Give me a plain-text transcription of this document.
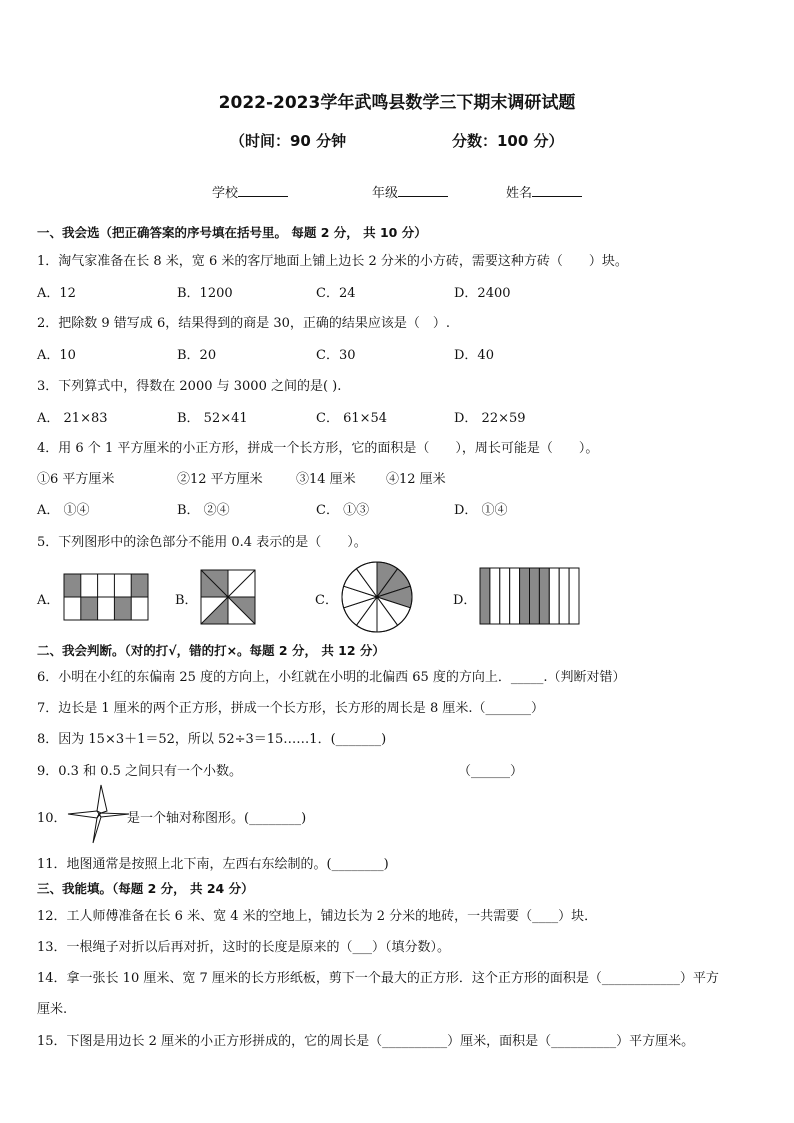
2022-2023学年武鸣县数学三下期末调研试题
（时间：90 分钟	分数：100 分）
学校	年级	姓名
一、我会选（把正确答案的序号填在括号里。 每题 2 分， 共 10 分）
1．淘气家准备在长 8 米，宽 6 米的客厅地面上铺上边长 2 分米的小方砖，需要这种方砖（　　）块。
A．12	B．1200	C．24	D．2400
2．把除数 9 错写成 6，结果得到的商是 30，正确的结果应该是（　）.
A．10	B．20	C．30	D．40
3．下列算式中，得数在 2000 与 3000 之间的是( ).
A． 21×83	B． 52×41	C． 61×54	D． 22×59
4．用 6 个 1 平方厘米的小正方形，拼成一个长方形，它的面积是（　　），周长可能是（　　）。
①6 平方厘米	②12 平方厘米	③14 厘米 ④12 厘米
A． ①④	B． ②④	C． ①③	D． ①④
5．下列图形中的涂色部分不能用 0.4 表示的是（　　）。
A．	B．	C．	D．
二、我会判断。（对的打√，错的打×。每题 2 分， 共 12 分）
6．小明在小红的东偏南 25 度的方向上，小红就在小明的北偏西 65 度的方向上．_____.（判断对错）
7．边长是 1 厘米的两个正方形，拼成一个长方形，长方形的周长是 8 厘米.（_______）
8．因为 15×3＋1＝52，所以 52÷3＝15……1．(_______)
9．0.3 和 0.5 之间只有一个小数。	（______）
10．	是一个轴对称图形。(________)
11．地图通常是按照上北下南，左西右东绘制的。(________)
三、我能填。（每题 2 分， 共 24 分）
12．工人师傅准备在长 6 米、宽 4 米的空地上，铺边长为 2 分米的地砖，一共需要（____）块．
13．一根绳子对折以后再对折，这时的长度是原来的（___）（填分数）。
14．拿一张长 10 厘米、宽 7 厘米的长方形纸板，剪下一个最大的正方形．这个正方形的面积是（____________）平方
厘米.
15．下图是用边长 2 厘米的小正方形拼成的，它的周长是（__________）厘米，面积是（__________）平方厘米。
